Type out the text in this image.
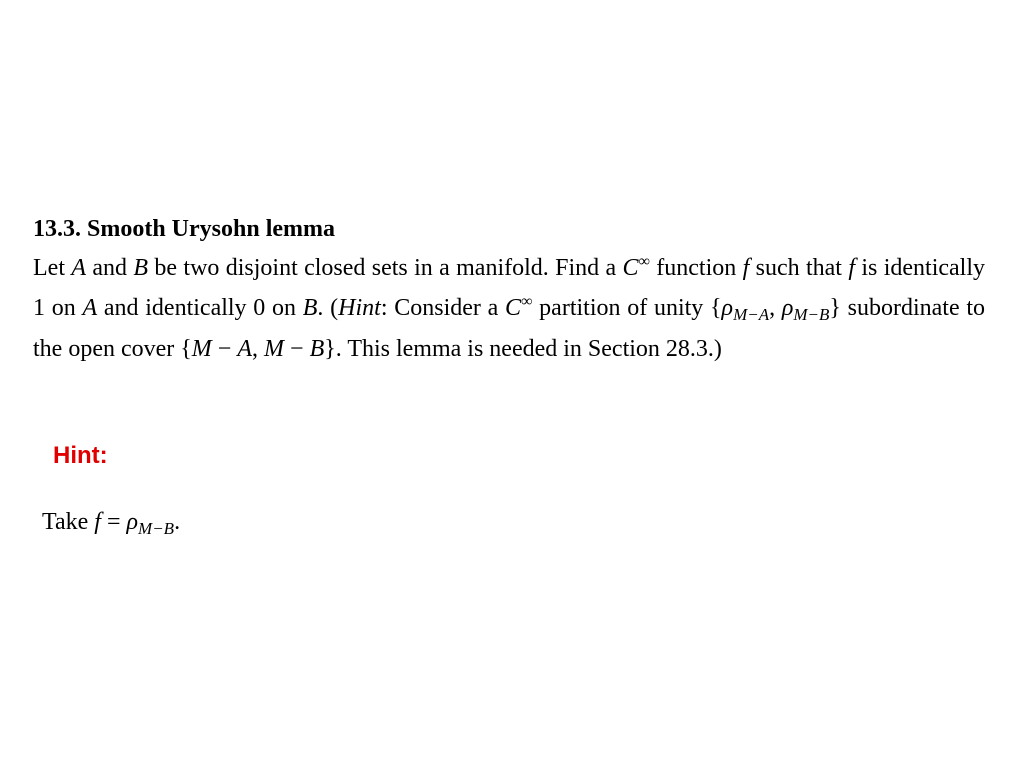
13.3. Smooth Urysohn lemma

Let A and B be two disjoint closed sets in a manifold. Find a C∞ function f such that f is identically 1 on A and identically 0 on B. (Hint: Consider a C∞ partition of unity {$\rho_{M-A}$, $\rho_{M-B}$} subordinate to the open cover {M − A, M − B}. This lemma is needed in Section 28.3.)

Hint:

Take $f = \rho_{M-B}$.
